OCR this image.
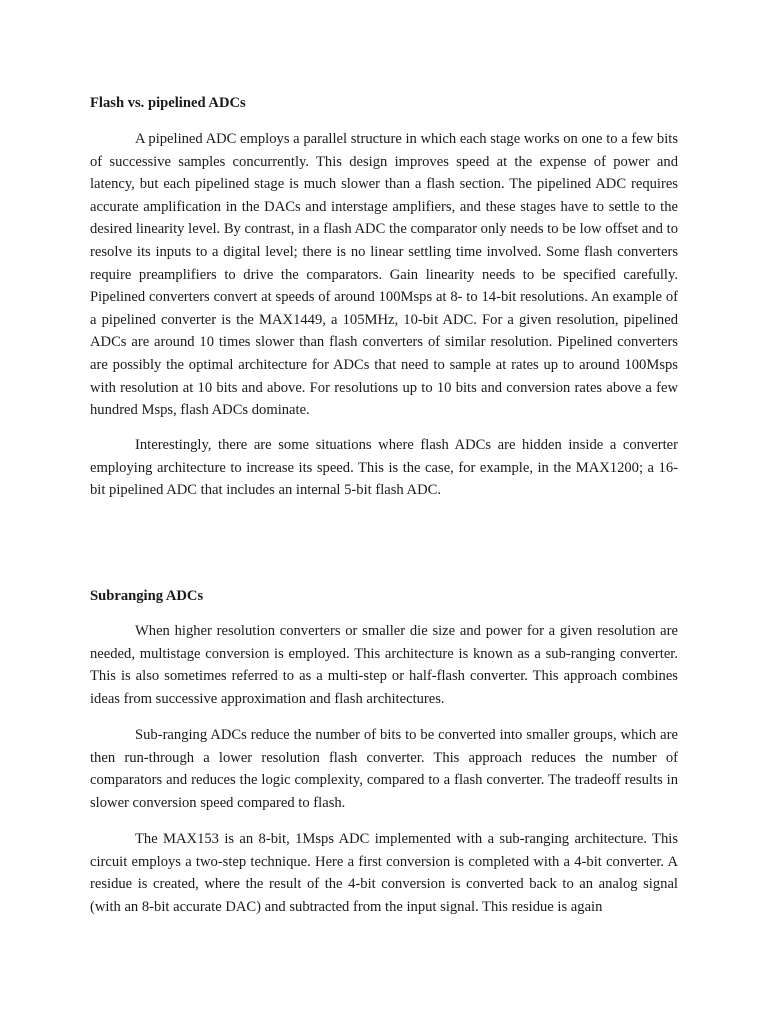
Flash vs. pipelined ADCs

A pipelined ADC employs a parallel structure in which each stage works on one to a few bits of successive samples concurrently. This design improves speed at the expense of power and latency, but each pipelined stage is much slower than a flash section. The pipelined ADC requires accurate amplification in the DACs and interstage amplifiers, and these stages have to settle to the desired linearity level. By contrast, in a flash ADC the comparator only needs to be low offset and to resolve its inputs to a digital level; there is no linear settling time involved. Some flash converters require preamplifiers to drive the comparators. Gain linearity needs to be specified carefully. Pipelined converters convert at speeds of around 100Msps at 8- to 14-bit resolutions. An example of a pipelined converter is the MAX1449, a 105MHz, 10-bit ADC. For a given resolution, pipelined ADCs are around 10 times slower than flash converters of similar resolution. Pipelined converters are possibly the optimal architecture for ADCs that need to sample at rates up to around 100Msps with resolution at 10 bits and above. For resolutions up to 10 bits and conversion rates above a few hundred Msps, flash ADCs dominate.

Interestingly, there are some situations where flash ADCs are hidden inside a converter employing architecture to increase its speed. This is the case, for example, in the MAX1200; a 16-bit pipelined ADC that includes an internal 5-bit flash ADC.

Subranging ADCs

When higher resolution converters or smaller die size and power for a given resolution are needed, multistage conversion is employed. This architecture is known as a sub-ranging converter. This is also sometimes referred to as a multi-step or half-flash converter. This approach combines ideas from successive approximation and flash architectures.

Sub-ranging ADCs reduce the number of bits to be converted into smaller groups, which are then run-through a lower resolution flash converter. This approach reduces the number of comparators and reduces the logic complexity, compared to a flash converter. The tradeoff results in slower conversion speed compared to flash.

The MAX153 is an 8-bit, 1Msps ADC implemented with a sub-ranging architecture. This circuit employs a two-step technique. Here a first conversion is completed with a 4-bit converter. A residue is created, where the result of the 4-bit conversion is converted back to an analog signal (with an 8-bit accurate DAC) and subtracted from the input signal. This residue is again
